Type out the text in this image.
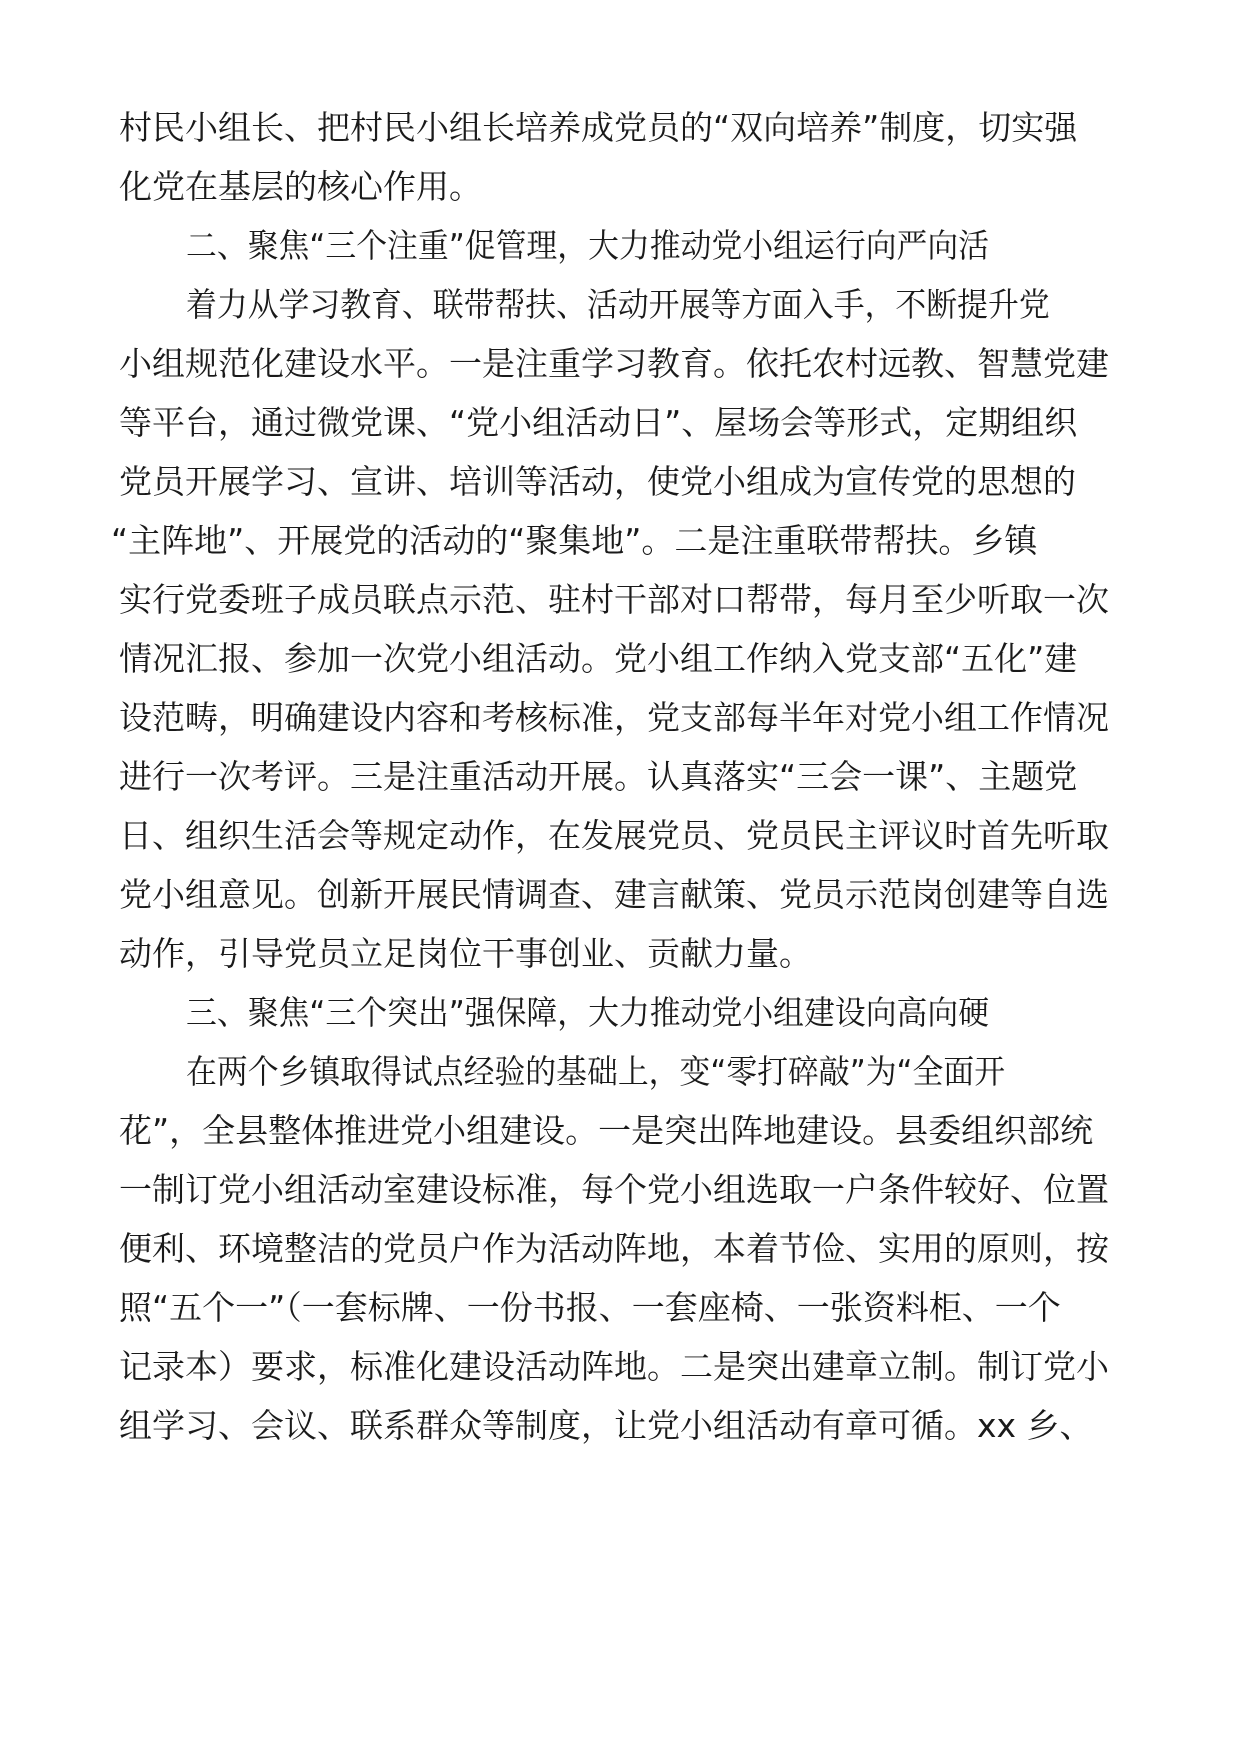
村民小组长、把村民小组长培养成党员的“双向培养”制度，切实强
化党在基层的核心作用。
二、聚焦“三个注重”促管理，大力推动党小组运行向严向活
着力从学习教育、联带帮扶、活动开展等方面入手，不断提升党
小组规范化建设水平。一是注重学习教育。依托农村远教、智慧党建
等平台，通过微党课、“党小组活动日”、屋场会等形式，定期组织
党员开展学习、宣讲、培训等活动，使党小组成为宣传党的思想的
“主阵地”、开展党的活动的“聚集地”。二是注重联带帮扶。乡镇
实行党委班子成员联点示范、驻村干部对口帮带，每月至少听取一次
情况汇报、参加一次党小组活动。党小组工作纳入党支部“五化”建
设范畴，明确建设内容和考核标准，党支部每半年对党小组工作情况
进行一次考评。三是注重活动开展。认真落实“三会一课”、主题党
日、组织生活会等规定动作，在发展党员、党员民主评议时首先听取
党小组意见。创新开展民情调查、建言献策、党员示范岗创建等自选
动作，引导党员立足岗位干事创业、贡献力量。
三、聚焦“三个突出”强保障，大力推动党小组建设向高向硬
在两个乡镇取得试点经验的基础上，变“零打碎敲”为“全面开
花”，全县整体推进党小组建设。一是突出阵地建设。县委组织部统
一制订党小组活动室建设标准，每个党小组选取一户条件较好、位置
便利、环境整洁的党员户作为活动阵地，本着节俭、实用的原则，按
照“五个一”（一套标牌、一份书报、一套座椅、一张资料柜、一个
记录本）要求，标准化建设活动阵地。二是突出建章立制。制订党小
组学习、会议、联系群众等制度，让党小组活动有章可循。xx 乡、
